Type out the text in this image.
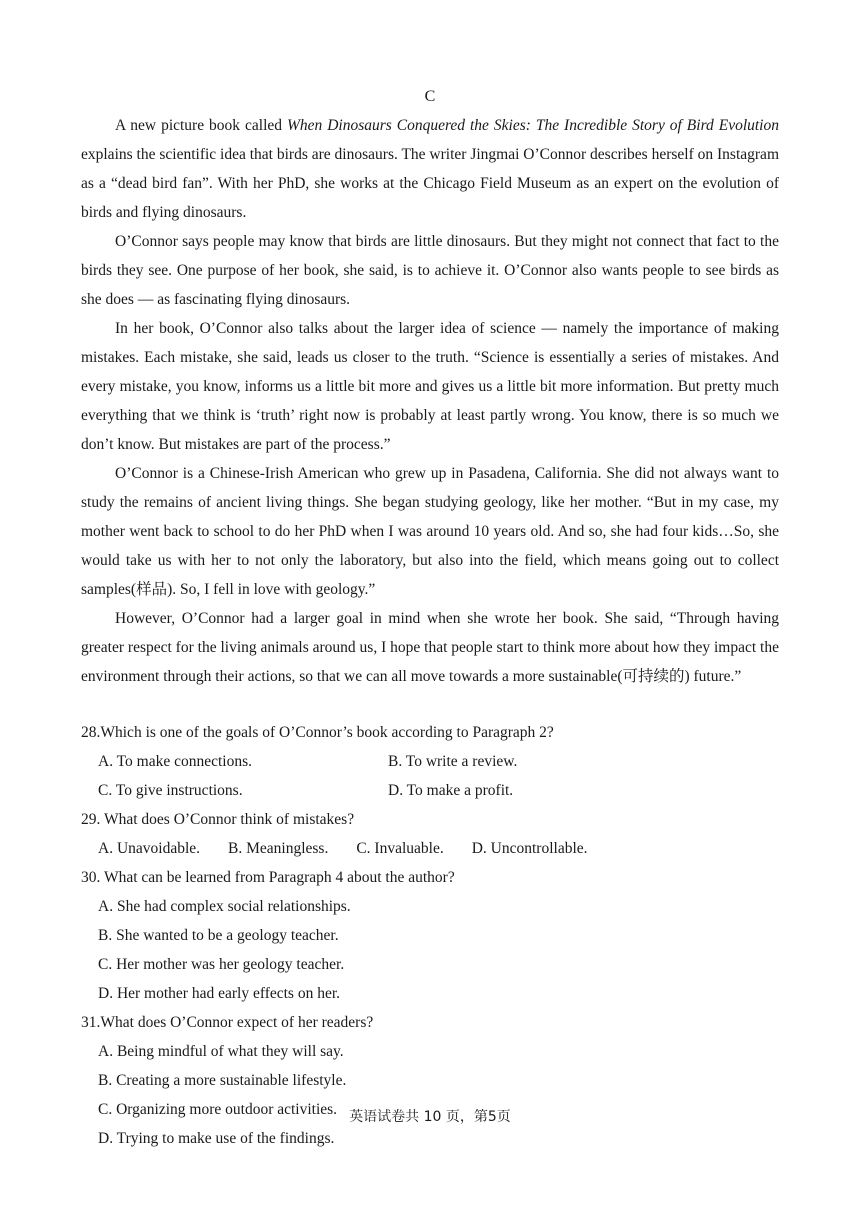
C

A new picture book called When Dinosaurs Conquered the Skies: The Incredible Story of Bird Evolution explains the scientific idea that birds are dinosaurs. The writer Jingmai O’Connor describes herself on Instagram as a “dead bird fan”. With her PhD, she works at the Chicago Field Museum as an expert on the evolution of birds and flying dinosaurs.

O’Connor says people may know that birds are little dinosaurs. But they might not connect that fact to the birds they see. One purpose of her book, she said, is to achieve it. O’Connor also wants people to see birds as she does — as fascinating flying dinosaurs.

In her book, O’Connor also talks about the larger idea of science — namely the importance of making mistakes. Each mistake, she said, leads us closer to the truth. “Science is essentially a series of mistakes. And every mistake, you know, informs us a little bit more and gives us a little bit more information. But pretty much everything that we think is ‘truth’ right now is probably at least partly wrong. You know, there is so much we don’t know. But mistakes are part of the process.”

O’Connor is a Chinese-Irish American who grew up in Pasadena, California. She did not always want to study the remains of ancient living things. She began studying geology, like her mother. “But in my case, my mother went back to school to do her PhD when I was around 10 years old. And so, she had four kids…So, she would take us with her to not only the laboratory, but also into the field, which means going out to collect samples(样品). So, I fell in love with geology.”

However, O’Connor had a larger goal in mind when she wrote her book. She said, “Through having greater respect for the living animals around us, I hope that people start to think more about how they impact the environment through their actions, so that we can all move towards a more sustainable(可持续的) future.”

28.Which is one of the goals of O’Connor’s book according to Paragraph 2?

A. To make connections.	B. To write a review.
C. To give instructions.	D. To make a profit.

29. What does O’Connor think of mistakes?

A. Unavoidable. B. Meaningless. C. Invaluable. D. Uncontrollable.

30. What can be learned from Paragraph 4 about the author?

A. She had complex social relationships.
B. She wanted to be a geology teacher.
C. Her mother was her geology teacher.
D. Her mother had early effects on her.

31.What does O’Connor expect of her readers?

A. Being mindful of what they will say.
B. Creating a more sustainable lifestyle.
C. Organizing more outdoor activities.
D. Trying to make use of the findings.
英语试卷共 10 页，第5页
